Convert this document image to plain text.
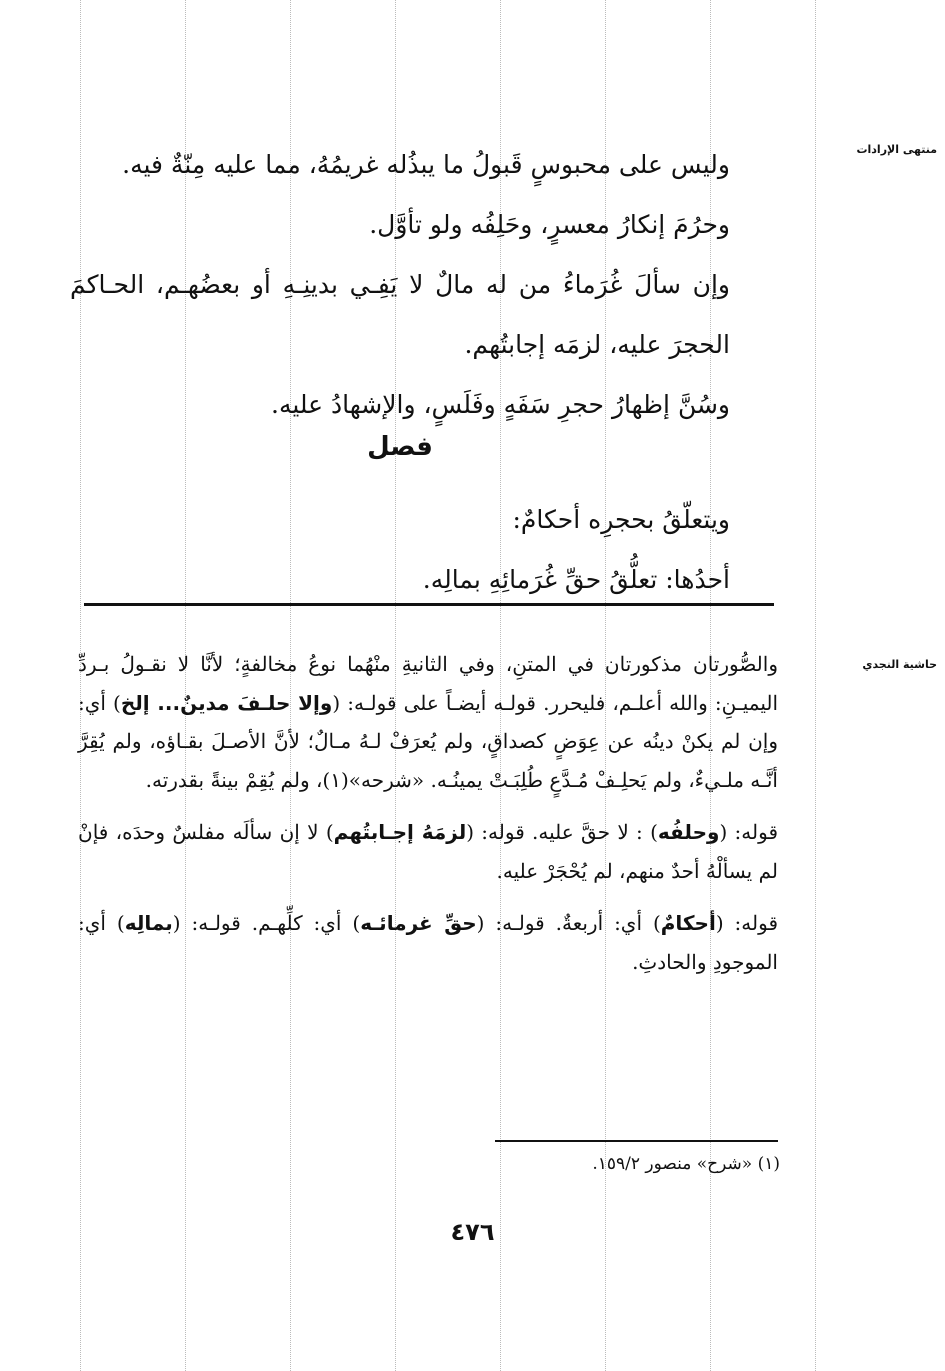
منتهى الإرادات
حاشية النجدي

وليس على محبوسٍ قَبولُ ما يبذُله غريمُهُ، مما عليه مِنّةٌ فيه.

وحرُمَ إنكارُ معسرٍ، وحَلِفُه ولو تأوَّل.

وإن سألَ غُرَماءُ من له مالٌ لا يَفِـي بدينِـهِ أو بعضُهـم، الحـاكمَ الحجرَ عليه، لزمَه إجابتُهم.

وسُنَّ إظهارُ حجرِ سَفَهٍ وفَلَسٍ، والإشهادُ عليه.

فصل

ويتعلّقُ بحجرِه أحكامٌ:

أحدُها: تعلُّقُ حقِّ غُرَمائِهِ بمالِه.

والصُّورتان مذكورتان في المتنِ، وفي الثانيةِ منْهُما نوعُ مخالفةٍ؛ لأنَّا لا نقـولُ بـردِّ اليميـنِ: والله أعلـم، فليحرر. قولـه أيضـاً على قولـه: (وإلا حلـفَ مدينٌ... إلخ) أي: وإن لم يكنْ دينُه عن عِوَضٍ كصداقٍ، ولم يُعرَفْ لـهُ مـالٌ؛ لأنَّ الأصـلَ بقـاؤه، ولم يُقِرَّ أنَّـه ملـيءٌ، ولم يَحلِـفْ مُـدَّعٍ طُلِبَـتْ يمينُـه. «شرحه»(١)، ولم يُقِمْ بينةً بقدرته.

قوله: (وحلفُه) : لا حقَّ عليه. قوله: (لزمَهُ إجـابتُهم) لا إن سألَه مفلسٌ وحدَه، فإنْ لم يسألْهُ أحدٌ منهم، لم يُحْجَرْ عليه.

قوله: (أحكامٌ) أي: أربعةٌ. قولـه: (حقِّ غرمائـه) أي: كلِّهـم. قولـه: (بمالِه) أي: الموجودِ والحادثِ.

(١) «شرح» منصور ١٥٩/٢.
٤٧٦
